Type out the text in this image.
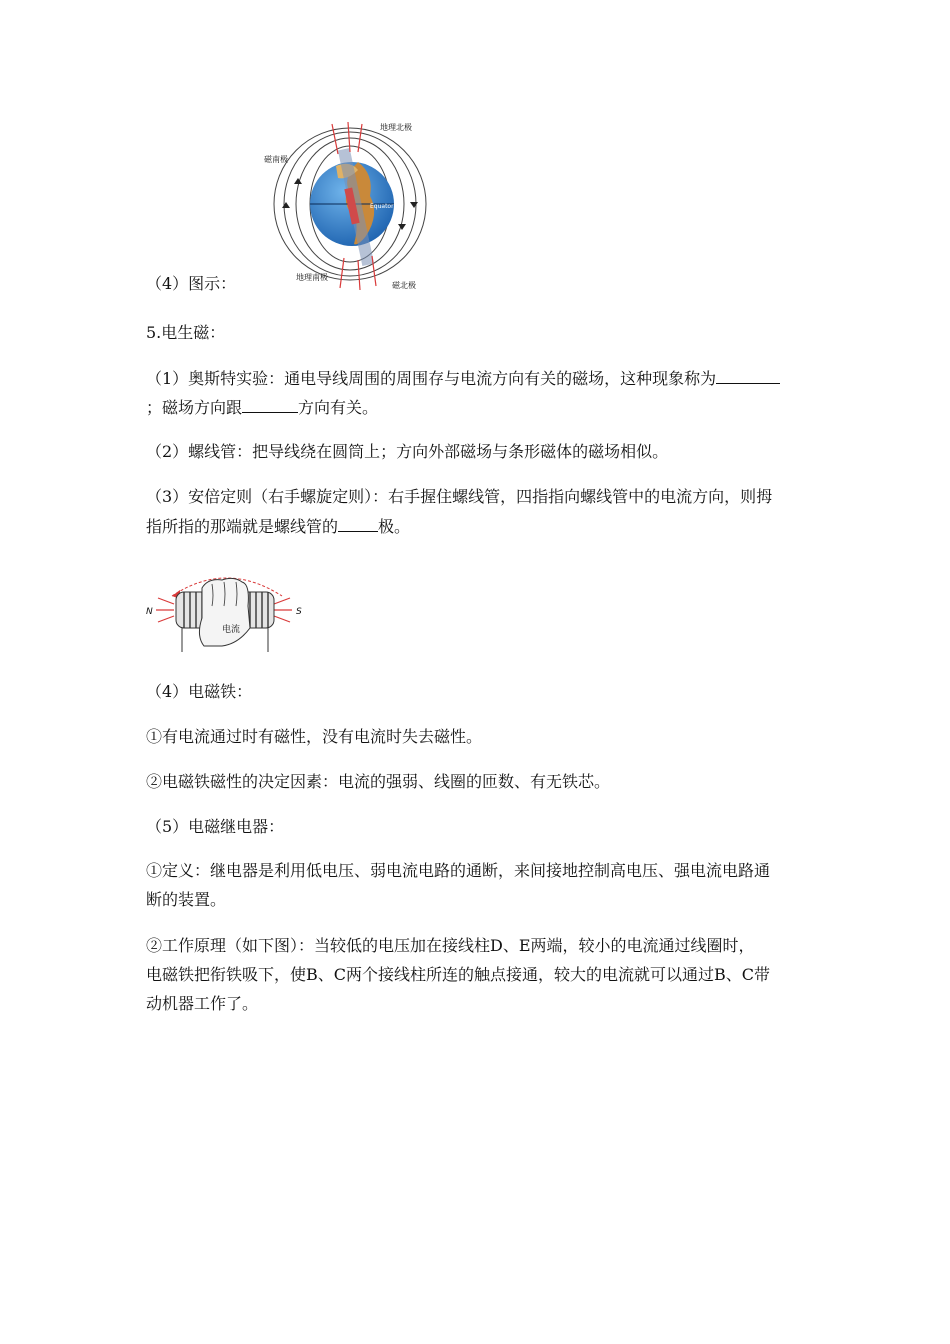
地理北极
磁南极
Equator
地理南极
磁北极
（4）图示：
5.电生磁：
（1）奥斯特实验：通电导线周围的周围存与电流方向有关的磁场，这种现象称为
；磁场方向跟	方向有关。
（2）螺线管：把导线绕在圆筒上；方向外部磁场与条形磁体的磁场相似。
（3）安倍定则（右手螺旋定则）：右手握住螺线管，四指指向螺线管中的电流方向，则拇
指所指的那端就是螺线管的	极。
N	S
电流
（4）电磁铁：
①有电流通过时有磁性，没有电流时失去磁性。
②电磁铁磁性的决定因素：电流的强弱、线圈的匝数、有无铁芯。
（5）电磁继电器：
①定义：继电器是利用低电压、弱电流电路的通断，来间接地控制高电压、强电流电路通
断的装置。
②工作原理（如下图）：当较低的电压加在接线柱D、E两端，较小的电流通过线圈时，
电磁铁把衔铁吸下，使B、C两个接线柱所连的触点接通，较大的电流就可以通过B、C带
动机器工作了。
